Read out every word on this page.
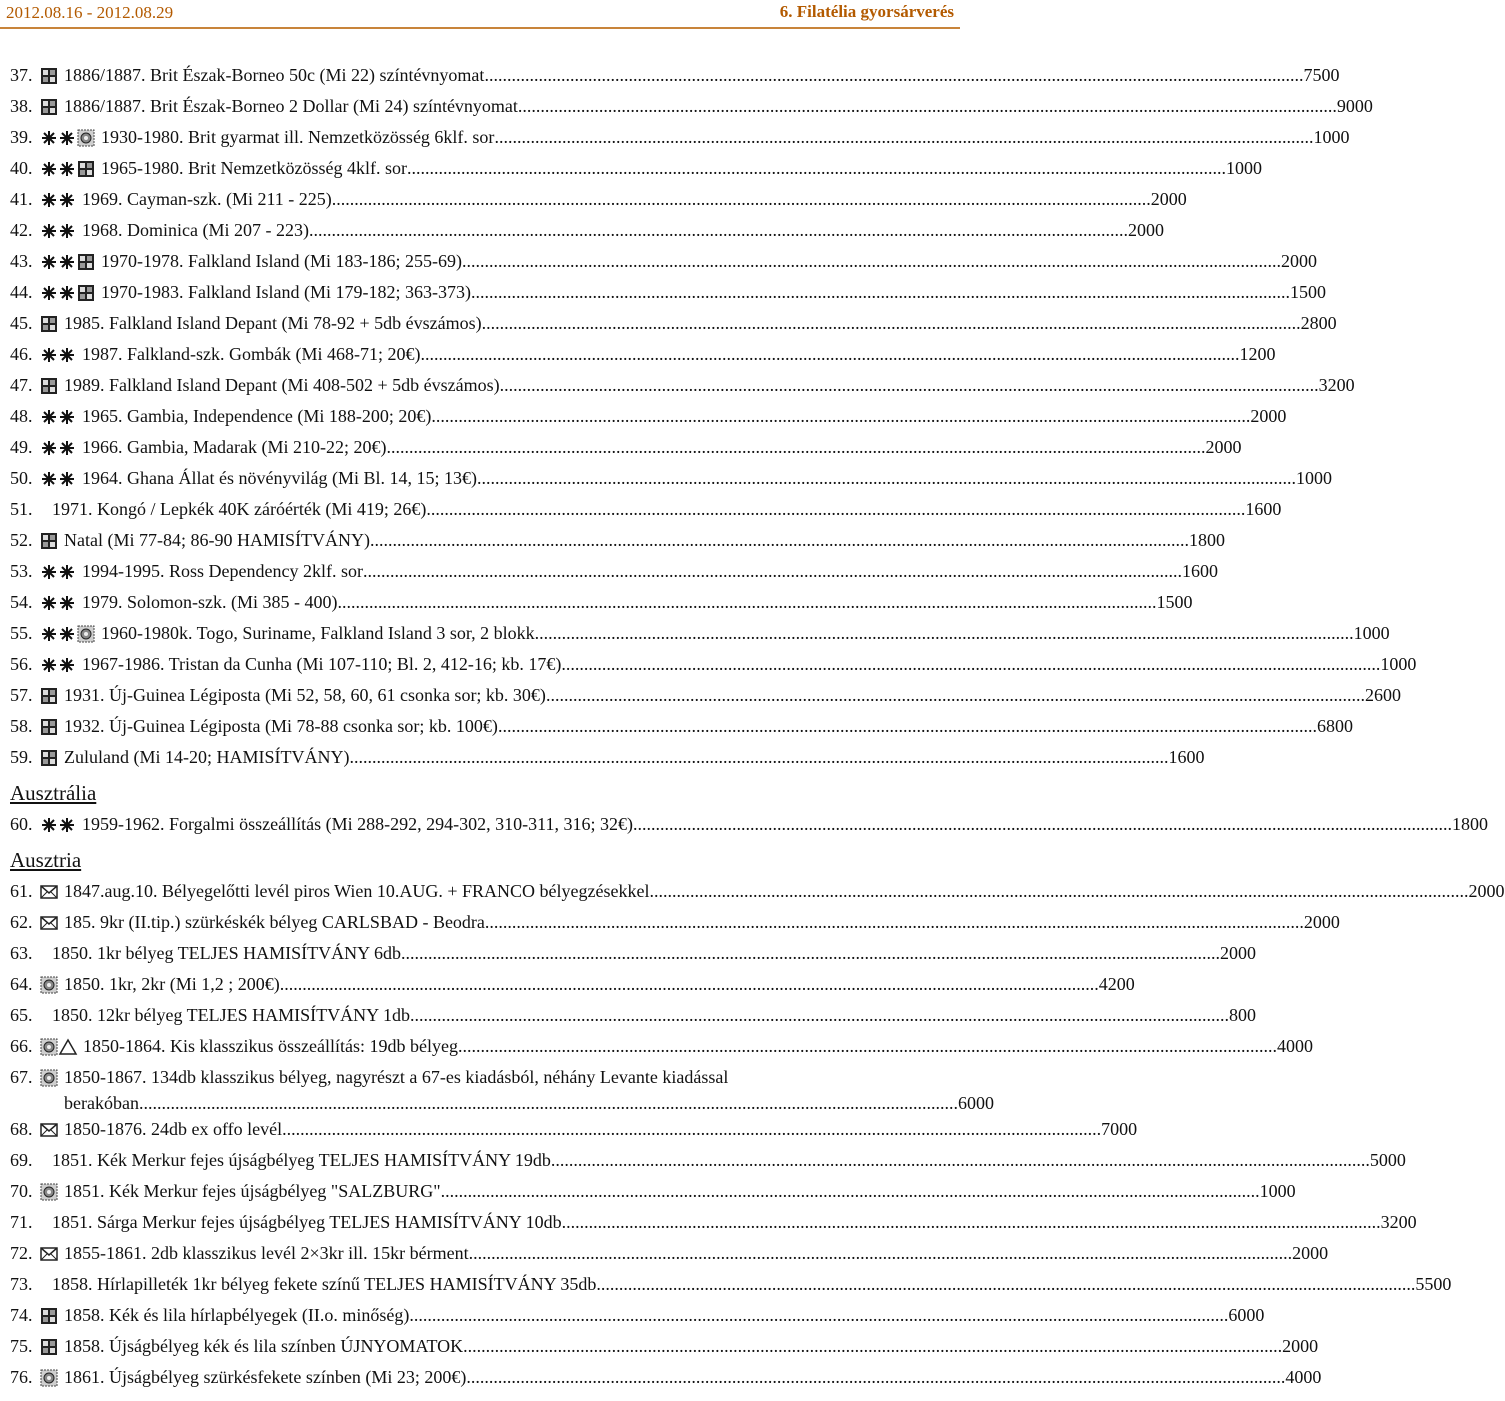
2012.08.16 - 2012.08.29	6. Filatélia gyorsárverés
37.	1886/1887. Brit Észak-Borneo 50c (Mi 22) színtévnyomat .....	7500
38.	1886/1887. Brit Észak-Borneo 2 Dollar (Mi 24) színtévnyomat .....	9000
39.	1930-1980. Brit gyarmat ill. Nemzetközösség 6klf. sor .....	1000
40.	1965-1980. Brit Nemzetközösség 4klf. sor .....	1000
41.	1969. Cayman-szk. (Mi 211 - 225) .....	2000
42.	1968. Dominica (Mi 207 - 223) .....	2000
43.	1970-1978. Falkland Island (Mi 183-186; 255-69) .....	2000
44.	1970-1983. Falkland Island (Mi 179-182; 363-373) .....	1500
45.	1985. Falkland Island Depant (Mi 78-92 + 5db évszámos) .....	2800
46.	1987. Falkland-szk. Gombák (Mi 468-71; 20€) .....	1200
47.	1989. Falkland Island Depant (Mi 408-502 + 5db évszámos) .....	3200
48.	1965. Gambia, Independence (Mi 188-200; 20€) .....	2000
49.	1966. Gambia, Madarak (Mi 210-22; 20€) .....	2000
50.	1964. Ghana Állat és növényvilág (Mi Bl. 14, 15; 13€) .....	1000
51.	1971. Kongó / Lepkék 40K záróérték (Mi 419; 26€) .....	1600
52.	Natal (Mi 77-84; 86-90 HAMISÍTVÁNY) .....	1800
53.	1994-1995. Ross Dependency 2klf. sor .....	1600
54.	1979. Solomon-szk. (Mi 385 - 400) .....	1500
55.	1960-1980k. Togo, Suriname, Falkland Island 3 sor, 2 blokk .....	1000
56.	1967-1986. Tristan da Cunha (Mi 107-110; Bl. 2, 412-16; kb. 17€) .....	1000
57.	1931. Új-Guinea Légiposta (Mi 52, 58, 60, 61 csonka sor; kb. 30€) .....	2600
58.	1932. Új-Guinea Légiposta (Mi 78-88 csonka sor; kb. 100€) .....	6800
59.	Zululand (Mi 14-20; HAMISÍTVÁNY) .....	1600
Ausztrália
60.	1959-1962. Forgalmi összeállítás (Mi 288-292, 294-302, 310-311, 316; 32€) .....	1800
Ausztria
61.	1847.aug.10. Bélyegelőtti levél piros Wien 10.AUG. + FRANCO bélyegzésekkel .....	2000
62.	185. 9kr (II.tip.) szürkéskék bélyeg CARLSBAD - Beodra .....	2000
63.	1850. 1kr bélyeg TELJES HAMISÍTVÁNY 6db .....	2000
64.	1850. 1kr, 2kr (Mi 1,2 ; 200€) .....	4200
65.	1850. 12kr bélyeg TELJES HAMISÍTVÁNY 1db .....	800
66.	1850-1864. Kis klasszikus összeállítás: 19db bélyeg .....	4000
67.	1850-1867. 134db klasszikus bélyeg, nagyrészt a 67-es kiadásból, néhány Levante kiadással
berakóban .....	6000
68.	1850-1876. 24db ex offo levél .....	7000
69.	1851. Kék Merkur fejes újságbélyeg TELJES HAMISÍTVÁNY 19db .....	5000
70.	1851. Kék Merkur fejes újságbélyeg "SALZBURG" .....	1000
71.	1851. Sárga Merkur fejes újságbélyeg TELJES HAMISÍTVÁNY 10db .....	3200
72.	1855-1861. 2db klasszikus levél 2×3kr ill. 15kr bérment. .....	2000
73.	1858. Hírlapilleték 1kr bélyeg fekete színű TELJES HAMISÍTVÁNY 35db .....	5500
74.	1858. Kék és lila hírlapbélyegek (II.o. minőség) .....	6000
75.	1858. Újságbélyeg kék és lila színben ÚJNYOMATOK .....	2000
76.	1861. Újságbélyeg szürkésfekete színben (Mi 23; 200€) .....	4000
